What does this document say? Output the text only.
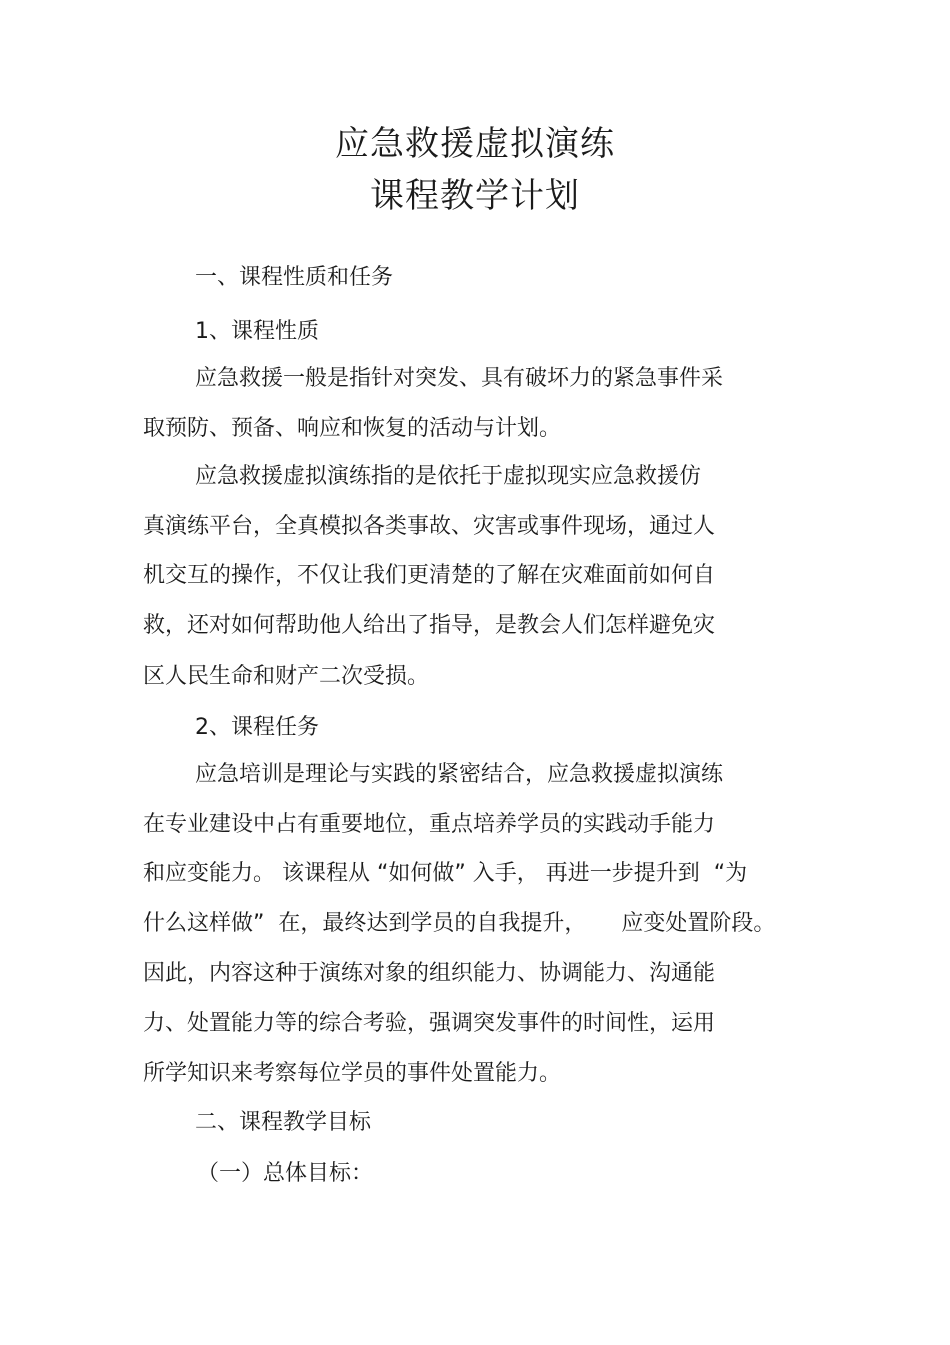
应急救援虚拟演练
课程教学计划
一、课程性质和任务
1、课程性质
应急救援一般是指针对突发、具有破坏力的紧急事件采
取预防、预备、响应和恢复的活动与计划。
应急救援虚拟演练指的是依托于虚拟现实应急救援仿
真演练平台，全真模拟各类事故、灾害或事件现场，通过人
机交互的操作，不仅让我们更清楚的了解在灾难面前如何自
救，还对如何帮助他人给出了指导，是教会人们怎样避免灾
区人民生命和财产二次受损。
2、课程任务
应急培训是理论与实践的紧密结合，应急救援虚拟演练
在专业建设中占有重要地位，重点培养学员的实践动手能力
和应变能力。 该课程从 “如何做” 入手， 再进一步提升到  “为
什么这样做”  在，最终达到学员的自我提升，     应变处置阶段。
因此，内容这种于演练对象的组织能力、协调能力、沟通能
力、处置能力等的综合考验，强调突发事件的时间性，运用
所学知识来考察每位学员的事件处置能力。
二、课程教学目标
（一）总体目标：
